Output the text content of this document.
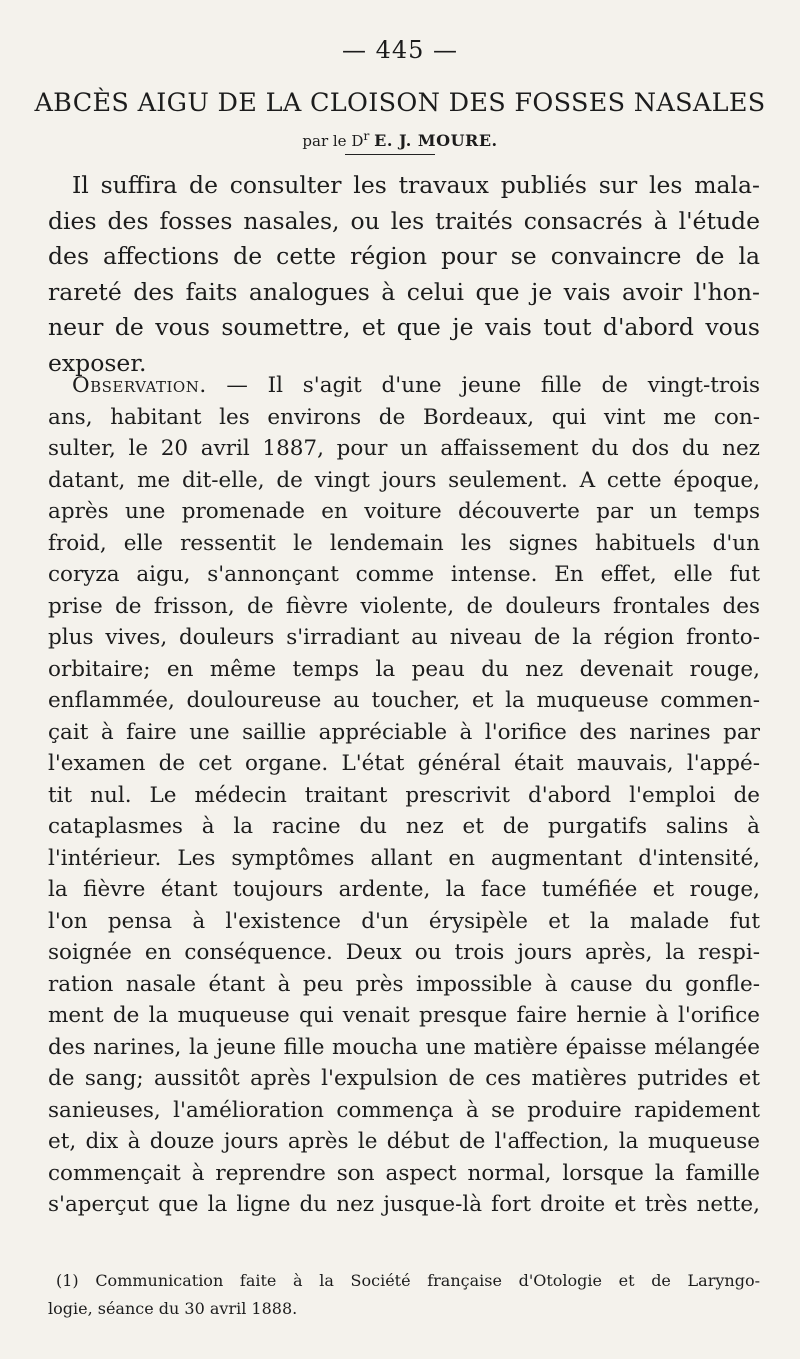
— 445 —
ABCÈS AIGU DE LA CLOISON DES FOSSES NASALES
par le $D^r$ E. J. MOURE.
Il suffira de consulter les travaux publiés sur les mala-
dies des fosses nasales, ou les traités consacrés à l'étude
des affections de cette région pour se convaincre de la
rareté des faits analogues à celui que je vais avoir l'hon-
neur de vous soumettre, et que je vais tout d'abord vous
exposer.
Observation. — Il s'agit d'une jeune fille de vingt-trois
ans, habitant les environs de Bordeaux, qui vint me con-
sulter, le 20 avril 1887, pour un affaissement du dos du nez
datant, me dit-elle, de vingt jours seulement. A cette époque,
après une promenade en voiture découverte par un temps
froid, elle ressentit le lendemain les signes habituels d'un
coryza aigu, s'annonçant comme intense. En effet, elle fut
prise de frisson, de fièvre violente, de douleurs frontales des
plus vives, douleurs s'irradiant au niveau de la région fronto-
orbitaire; en même temps la peau du nez devenait rouge,
enflammée, douloureuse au toucher, et la muqueuse commen-
çait à faire une saillie appréciable à l'orifice des narines par
l'examen de cet organe. L'état général était mauvais, l'appé-
tit nul. Le médecin traitant prescrivit d'abord l'emploi de
cataplasmes à la racine du nez et de purgatifs salins à
l'intérieur. Les symptômes allant en augmentant d'intensité,
la fièvre étant toujours ardente, la face tuméfiée et rouge,
l'on pensa à l'existence d'un érysipèle et la malade fut
soignée en conséquence. Deux ou trois jours après, la respi-
ration nasale étant à peu près impossible à cause du gonfle-
ment de la muqueuse qui venait presque faire hernie à l'orifice
des narines, la jeune fille moucha une matière épaisse mélangée
de sang; aussitôt après l'expulsion de ces matières putrides et
sanieuses, l'amélioration commença à se produire rapidement
et, dix à douze jours après le début de l'affection, la muqueuse
commençait à reprendre son aspect normal, lorsque la famille
s'aperçut que la ligne du nez jusque-là fort droite et très nette,
(1) Communication faite à la Société française d'Otologie et de Laryngo-
logie, séance du 30 avril 1888.
